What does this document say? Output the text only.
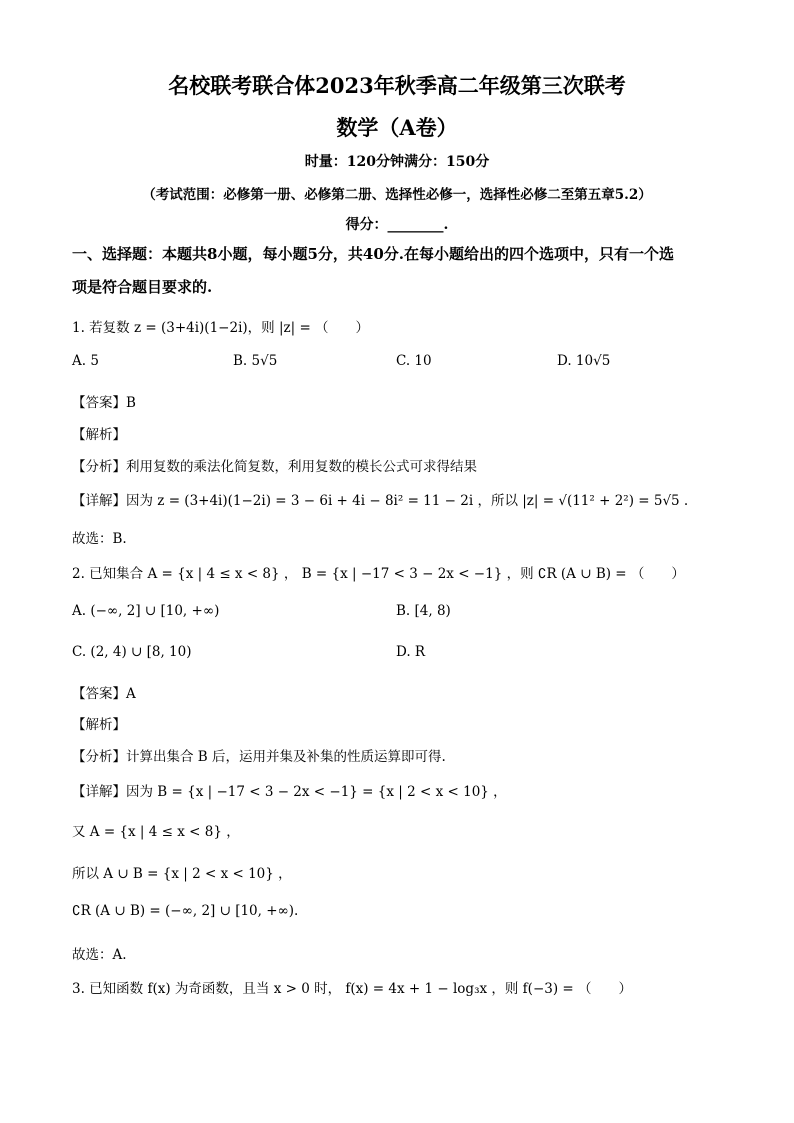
名校联考联合体2023年秋季高二年级第三次联考
数学（A卷）
时量：120分钟满分：150分
（考试范围：必修第一册、必修第二册、选择性必修一，选择性必修二至第五章5.2）
得分：________.
一、选择题：本题共8小题，每小题5分，共40分.在每小题给出的四个选项中，只有一个选
项是符合题目要求的.
1. 若复数 z = (3+4i)(1−2i)，则 |z| = （　　）
A. 5	B. 5√5	C. 10	D. 10√5
【答案】B
【解析】
【分析】利用复数的乘法化简复数，利用复数的模长公式可求得结果
【详解】因为 z = (3+4i)(1−2i) = 3 − 6i + 4i − 8i² = 11 − 2i ，所以 |z| = √(11² + 2²) = 5√5 .
故选：B.
2. 已知集合 A = {x | 4 ≤ x < 8} ， B = {x | −17 < 3 − 2x < −1} ，则 ∁R (A ∪ B) = （　　）
A. (−∞, 2] ∪ [10, +∞)	B. [4, 8)
C. (2, 4) ∪ [8, 10)	D. R
【答案】A
【解析】
【分析】计算出集合 B 后，运用并集及补集的性质运算即可得.
【详解】因为 B = {x | −17 < 3 − 2x < −1} = {x | 2 < x < 10} ，
又 A = {x | 4 ≤ x < 8} ，
所以 A ∪ B = {x | 2 < x < 10} ，
∁R (A ∪ B) = (−∞, 2] ∪ [10, +∞).
故选：A.
3. 已知函数 f(x) 为奇函数，且当 x > 0 时， f(x) = 4x + 1 − log₃x ，则 f(−3) = （　　）
